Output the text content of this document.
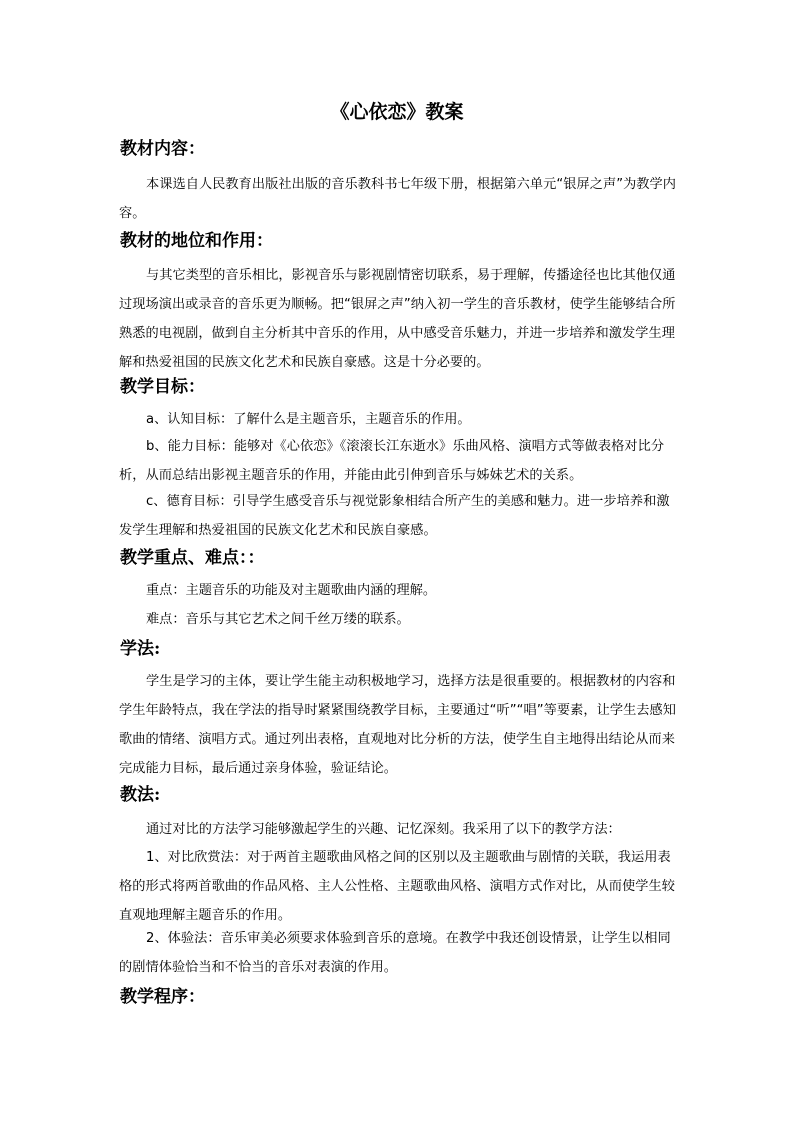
《心依恋》教案
教材内容：
本课选自人民教育出版社出版的音乐教科书七年级下册，根据第六单元“银屏之声”为教学内容。
教材的地位和作用：
与其它类型的音乐相比，影视音乐与影视剧情密切联系，易于理解，传播途径也比其他仅通过现场演出或录音的音乐更为顺畅。把“银屏之声”纳入初一学生的音乐教材，使学生能够结合所熟悉的电视剧，做到自主分析其中音乐的作用，从中感受音乐魅力，并进一步培养和激发学生理解和热爱祖国的民族文化艺术和民族自豪感。这是十分必要的。
教学目标：
a、认知目标：了解什么是主题音乐，主题音乐的作用。
b、能力目标：能够对《心依恋》《滚滚长江东逝水》乐曲风格、演唱方式等做表格对比分析，从而总结出影视主题音乐的作用，并能由此引伸到音乐与姊妹艺术的关系。
c、德育目标：引导学生感受音乐与视觉影象相结合所产生的美感和魅力。进一步培养和激发学生理解和热爱祖国的民族文化艺术和民族自豪感。
教学重点、难点：：
重点：主题音乐的功能及对主题歌曲内涵的理解。
难点：音乐与其它艺术之间千丝万缕的联系。
学法:
学生是学习的主体，要让学生能主动积极地学习，选择方法是很重要的。根据教材的内容和学生年龄特点，我在学法的指导时紧紧围绕教学目标，主要通过“听”“唱”等要素，让学生去感知歌曲的情绪、演唱方式。通过列出表格，直观地对比分析的方法，使学生自主地得出结论从而来完成能力目标，最后通过亲身体验，验证结论。
教法:
通过对比的方法学习能够激起学生的兴趣、记忆深刻。我采用了以下的教学方法：
1、对比欣赏法：对于两首主题歌曲风格之间的区别以及主题歌曲与剧情的关联，我运用表格的形式将两首歌曲的作品风格、主人公性格、主题歌曲风格、演唱方式作对比，从而使学生较直观地理解主题音乐的作用。
2、体验法：音乐审美必须要求体验到音乐的意境。在教学中我还创设情景，让学生以相同的剧情体验恰当和不恰当的音乐对表演的作用。
教学程序：
